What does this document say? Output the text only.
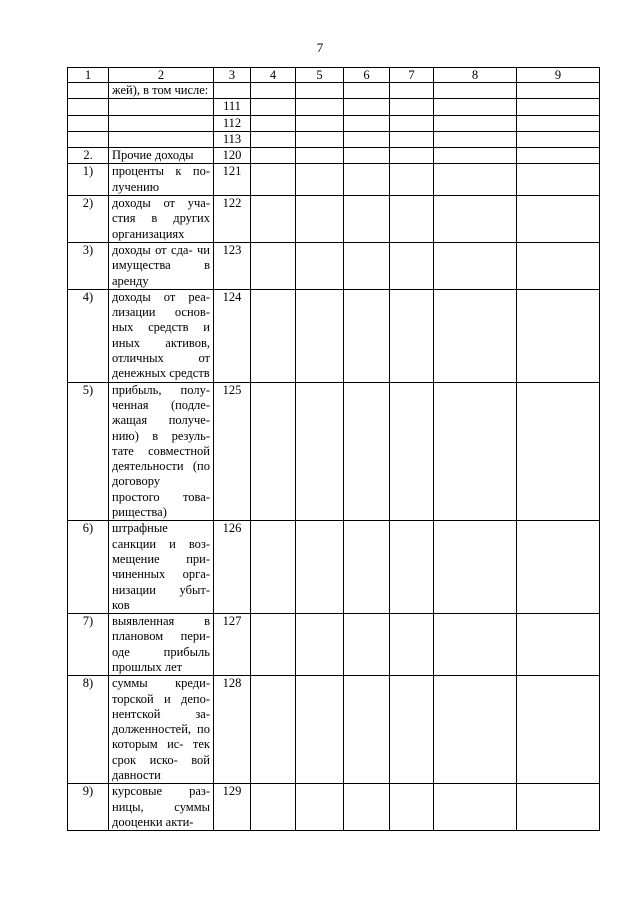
7
1	2	3	4	5	6	7	8	9
	жей), в том числе:							
		111						
		112						
		113						
2.	Прочие доходы	120						
1)	проценты к по- лучению	121						
2)	доходы от уча- стия в других организациях	122						
3)	доходы от сда- чи имущества в аренду	123						
4)	доходы от реа- лизации основ- ных средств и иных активов, отличных от денежных средств	124						
5)	прибыль, полу- ченная (подле- жащая получе- нию) в резуль- тате совместной деятельности (по договору простого това- рищества)	125						
6)	штрафные санкции и воз- мещение при- чиненных орга- низации убыт- ков	126						
7)	выявленная в плановом пери- оде прибыль прошлых лет	127						
8)	суммы креди- торской и депо- нентской за- долженностей, по которым ис- тек срок иско- вой давности	128						
9)	курсовые раз- ницы, суммы дооценки акти-	129						
